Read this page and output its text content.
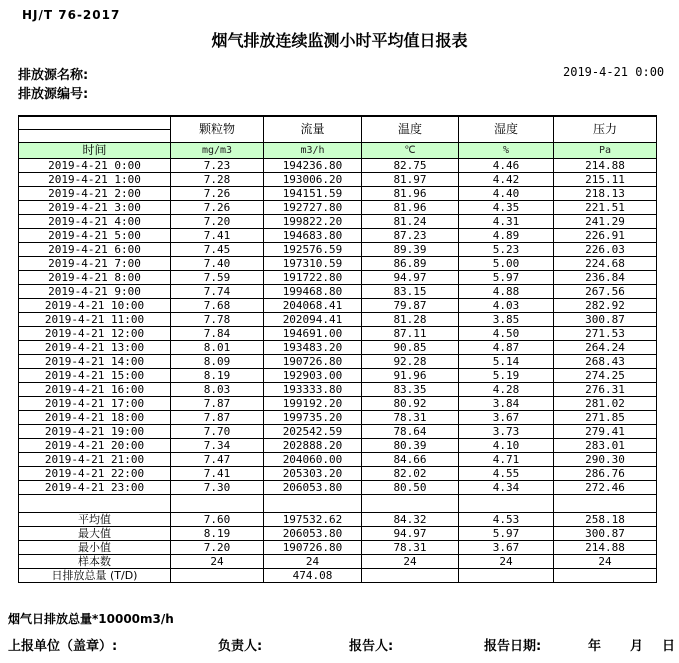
HJ/T 76-2017
烟气排放连续监测小时平均值日报表
排放源名称:	2019-4-21 0:00
排放源编号:
	颗粒物	流量	温度	湿度	压力

时间	mg/m3	m3/h	℃	%	Pa
2019-4-21 0:00	7.23	194236.80	82.75	4.46	214.88
2019-4-21 1:00	7.28	193006.20	81.97	4.42	215.11
2019-4-21 2:00	7.26	194151.59	81.96	4.40	218.13
2019-4-21 3:00	7.26	192727.80	81.96	4.35	221.51
2019-4-21 4:00	7.20	199822.20	81.24	4.31	241.29
2019-4-21 5:00	7.41	194683.80	87.23	4.89	226.91
2019-4-21 6:00	7.45	192576.59	89.39	5.23	226.03
2019-4-21 7:00	7.40	197310.59	86.89	5.00	224.68
2019-4-21 8:00	7.59	191722.80	94.97	5.97	236.84
2019-4-21 9:00	7.74	199468.80	83.15	4.88	267.56
2019-4-21 10:00	7.68	204068.41	79.87	4.03	282.92
2019-4-21 11:00	7.78	202094.41	81.28	3.85	300.87
2019-4-21 12:00	7.84	194691.00	87.11	4.50	271.53
2019-4-21 13:00	8.01	193483.20	90.85	4.87	264.24
2019-4-21 14:00	8.09	190726.80	92.28	5.14	268.43
2019-4-21 15:00	8.19	192903.00	91.96	5.19	274.25
2019-4-21 16:00	8.03	193333.80	83.35	4.28	276.31
2019-4-21 17:00	7.87	199192.20	80.92	3.84	281.02
2019-4-21 18:00	7.87	199735.20	78.31	3.67	271.85
2019-4-21 19:00	7.70	202542.59	78.64	3.73	279.41
2019-4-21 20:00	7.34	202888.20	80.39	4.10	283.01
2019-4-21 21:00	7.47	204060.00	84.66	4.71	290.30
2019-4-21 22:00	7.41	205303.20	82.02	4.55	286.76
2019-4-21 23:00	7.30	206053.80	80.50	4.34	272.46

平均值	7.60	197532.62	84.32	4.53	258.18
最大值	8.19	206053.80	94.97	5.97	300.87
最小值	7.20	190726.80	78.31	3.67	214.88
样本数	24	24	24	24	24
日排放总量 (T/D)		474.08			
烟气日排放总量*10000m3/h
上报单位（盖章）:	负责人:	报告人:	报告日期:	年 月 日
